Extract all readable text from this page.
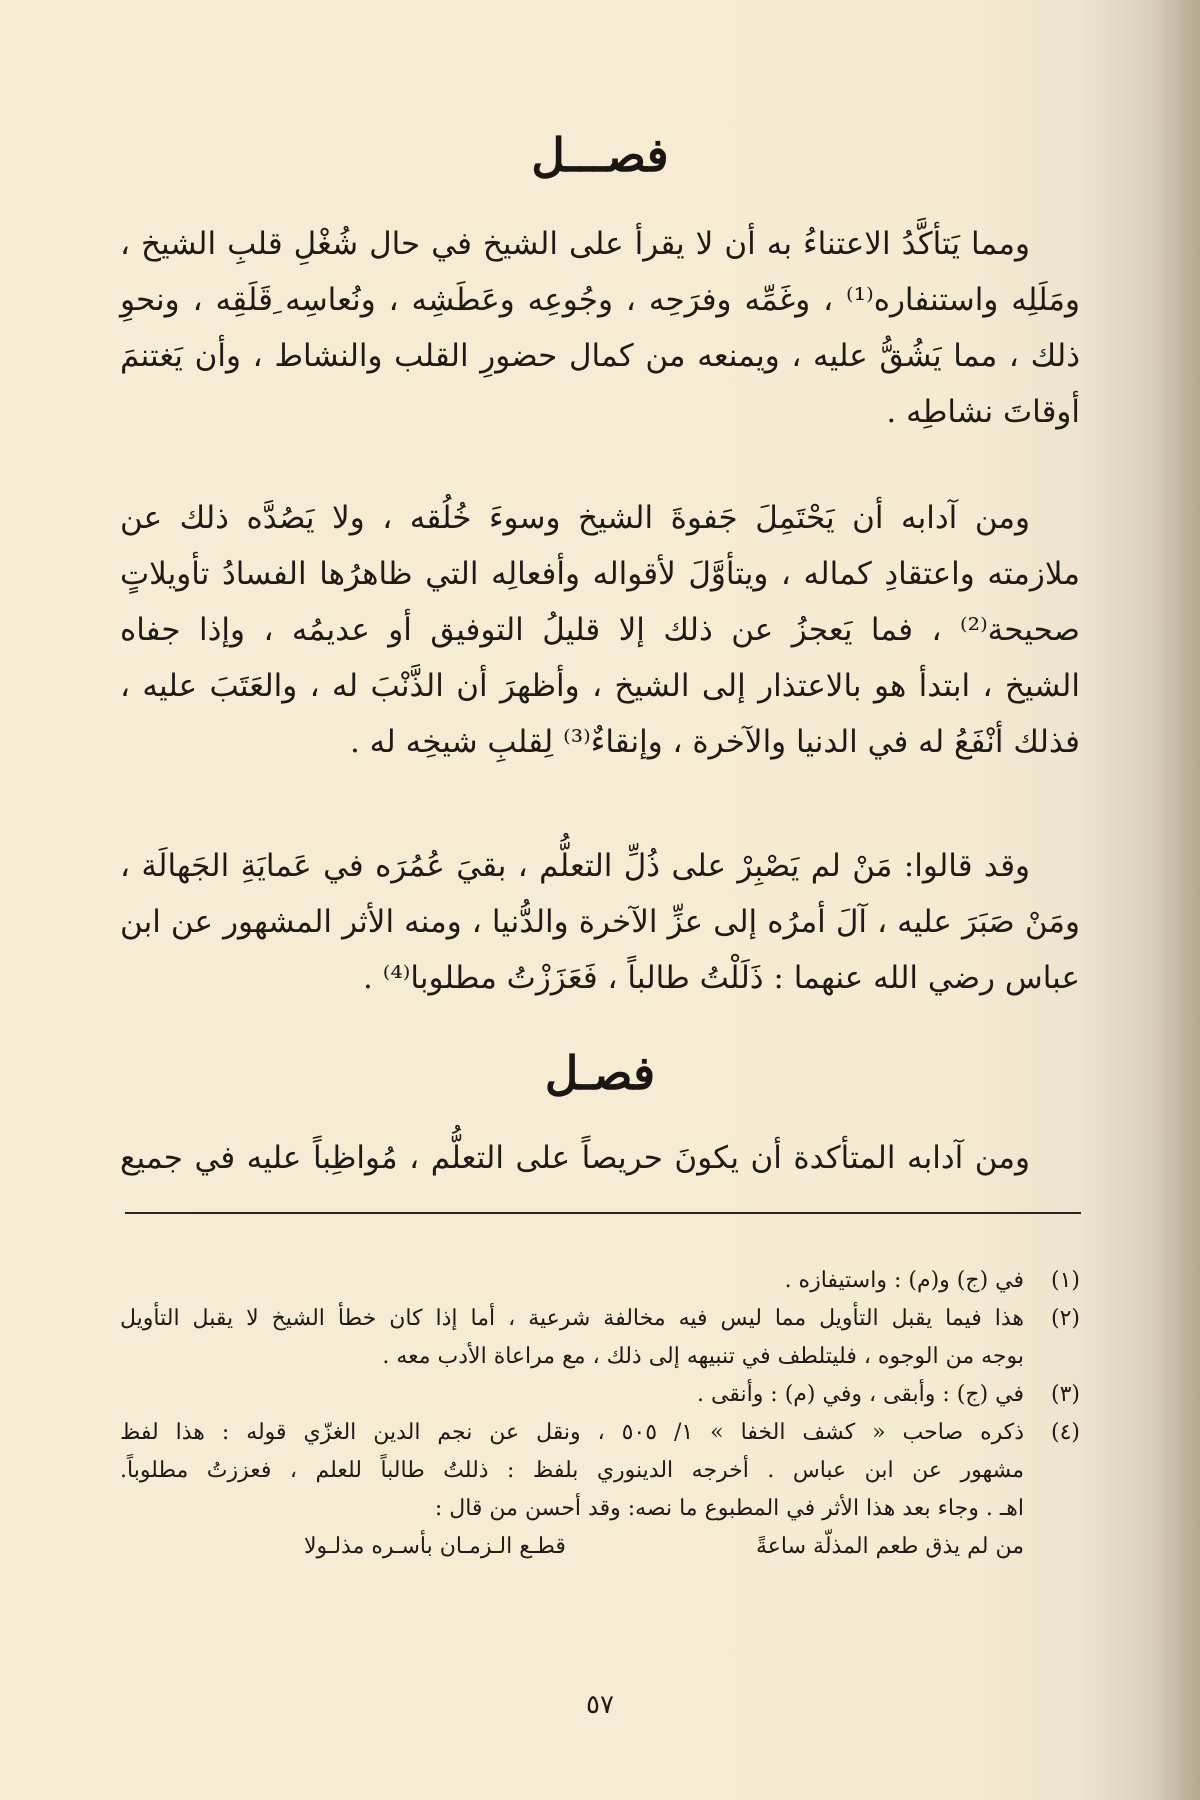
فصـــل
ومما يَتأكَّدُ الاعتناءُ به أن لا يقرأ على الشيخ في حال شُغْلِ قلبِ الشيخ ،
ومَلَلِه واستنفاره⁽¹⁾ ، وغَمِّه وفرَحِه ، وجُوعِه وعَطَشِه ، ونُعاسِه ِقَلَقِه ، ونحوِ
ذلك ، مما يَشُقُّ عليه ، ويمنعه من كمال حضورِ القلب والنشاط ، وأن يَغتنمَ
أوقاتَ نشاطِه .
ومن آدابه أن يَحْتَمِلَ جَفوةَ الشيخ وسوءَ خُلُقه ، ولا يَصُدَّه ذلك عن
ملازمته واعتقادِ كماله ، ويتأوَّلَ لأقواله وأفعالِه التي ظاهرُها الفسادُ تأويلاتٍ
صحيحة⁽²⁾ ، فما يَعجزُ عن ذلك إلا قليلُ التوفيق أو عديمُه ، وإذا جفاه
الشيخ ، ابتدأ هو بالاعتذار إلى الشيخ ، وأظهرَ أن الذَّنْبَ له ، والعَتَبَ عليه ،
فذلك أنْفَعُ له في الدنيا والآخرة ، وإنقاءٌ⁽³⁾ لِقلبِ شيخِه له .
وقد قالوا: مَنْ لم يَصْبِرْ على ذُلِّ التعلُّم ، بقيَ عُمُرَه في عَمايَةِ الجَهالَة ،
ومَنْ صَبَرَ عليه ، آلَ أمرُه إلى عزِّ الآخرة والدُّنيا ، ومنه الأثر المشهور عن ابن
عباس رضي الله عنهما : ذَلَلْتُ طالباً ، فَعَزَزْتُ مطلوبا⁽⁴⁾ .
فصـل
ومن آدابه المتأكدة أن يكونَ حريصاً على التعلُّم ، مُواظِباً عليه في جميع
(١)
في (ج) و(م) : واستيفازه .
(٢)
هذا فيما يقبل التأويل مما ليس فيه مخالفة شرعية ، أما إذا كان خطأ الشيخ لا يقبل التأويل
بوجه من الوجوه ، فليتلطف في تنبيهه إلى ذلك ، مع مراعاة الأدب معه .
(٣)
في (ج) : وأبقى ، وفي (م) : وأنقى .
(٤)
ذكره صاحب « كشف الخفا » ١/ ٥٠٥ ، ونقل عن نجم الدين الغزّي قوله : هذا لفظ
مشهور عن ابن عباس . أخرجه الدينوري بلفظ : ذللتُ طالباً للعلم ، فعززتُ مطلوباً.
اهـ . وجاء بعد هذا الأثر في المطبوع ما نصه: وقد أحسن من قال :
من لم يذق طعم المذلّة ساعةً
قطـع الـزمـان بأسـره مذلـولا
٥٧
